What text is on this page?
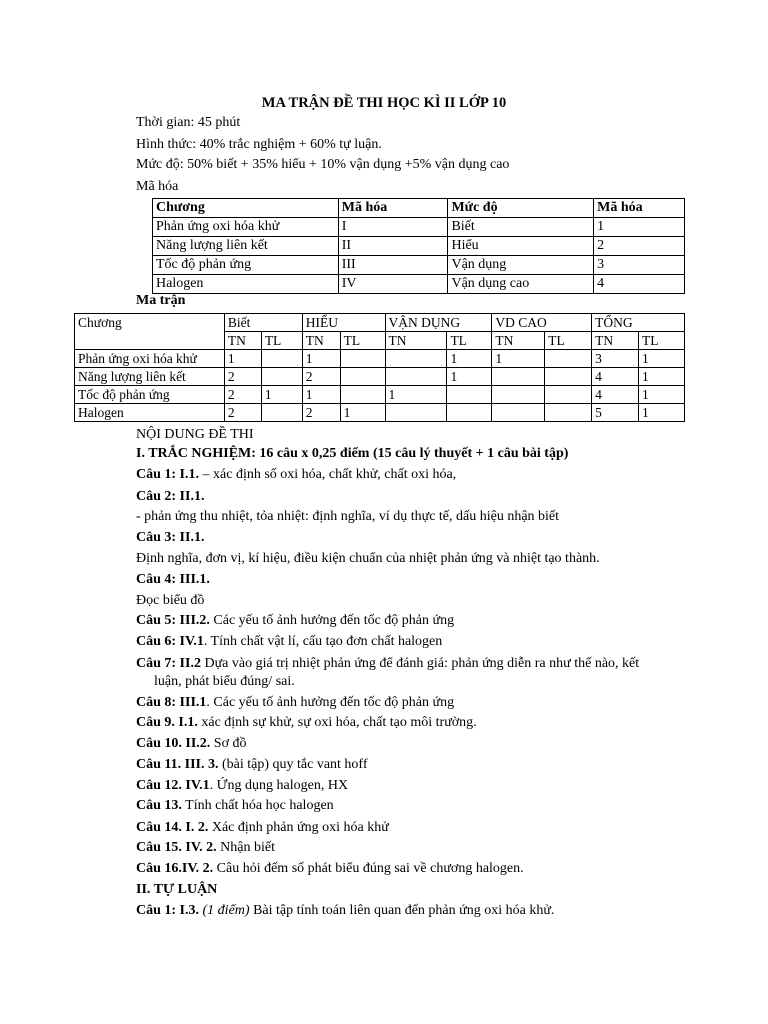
MA TRẬN ĐỀ THI HỌC KÌ II LỚP 10
Thời gian: 45 phút
Hình thức: 40% trắc nghiệm + 60% tự luận.
Mức độ: 50% biết + 35% hiểu + 10% vận dụng +5% vận dụng cao
Mã hóa
Chương	Mã hóa	Mức độ	Mã hóa
Phản ứng oxi hóa khử	I	Biết	1
Năng lượng liên kết	II	Hiểu	2
Tốc độ phản ứng	III	Vận dụng	3
Halogen	IV	Vận dụng cao	4
Ma trận
Chương	Biết		HIỂU		VẬN DỤNG		VD CAO		TỔNG	
	TN	TL	TN	TL	TN	TL	TN	TL	TN	TL
Phản ứng oxi hóa khử	1		1			1	1		3	1
Năng lượng liên kết	2		2			1			4	1
Tốc độ phản ứng	2	1	1		1				4	1
Halogen	2		2	1					5	1
NỘI DUNG ĐỀ THI
I. TRẮC NGHIỆM: 16 câu x 0,25 điểm (15 câu lý thuyết + 1 câu bài tập)
Câu 1: I.1. – xác định số oxi hóa, chất khử, chất oxi hóa,
Câu 2: II.1.
- phản ứng thu nhiệt, tỏa nhiệt: định nghĩa, ví dụ thực tế, dấu hiệu nhận biết
Câu 3: II.1.
Định nghĩa, đơn vị, kí hiệu, điều kiện chuẩn của nhiệt phản ứng và nhiệt tạo thành.
Câu 4: III.1.
Đọc biểu đồ
Câu 5: III.2. Các yếu tố ảnh hưởng đến tốc độ phản ứng
Câu 6: IV.1. Tính chất vật lí, cấu tạo đơn chất halogen
Câu 7: II.2 Dựa vào giá trị nhiệt phản ứng để đánh giá: phản ứng diễn ra như thế nào, kết
luận, phát biểu đúng/ sai.
Câu 8: III.1. Các yếu tố ảnh hưởng đến tốc độ phản ứng
Câu 9. I.1. xác định sự khử, sự oxi hóa, chất tạo môi trường.
Câu 10. II.2. Sơ đồ
Câu 11. III. 3. (bài tập) quy tắc vant hoff
Câu 12. IV.1. Ứng dụng halogen, HX
Câu 13. Tính chất hóa học halogen
Câu 14. I. 2. Xác định phản ứng oxi hóa khử
Câu 15. IV. 2. Nhận biết
Câu 16.IV. 2. Câu hỏi đếm số phát biểu đúng sai về chương halogen.
II. TỰ LUẬN
Câu 1: I.3. (1 điểm) Bài tập tính toán liên quan đến phản ứng oxi hóa khử.
